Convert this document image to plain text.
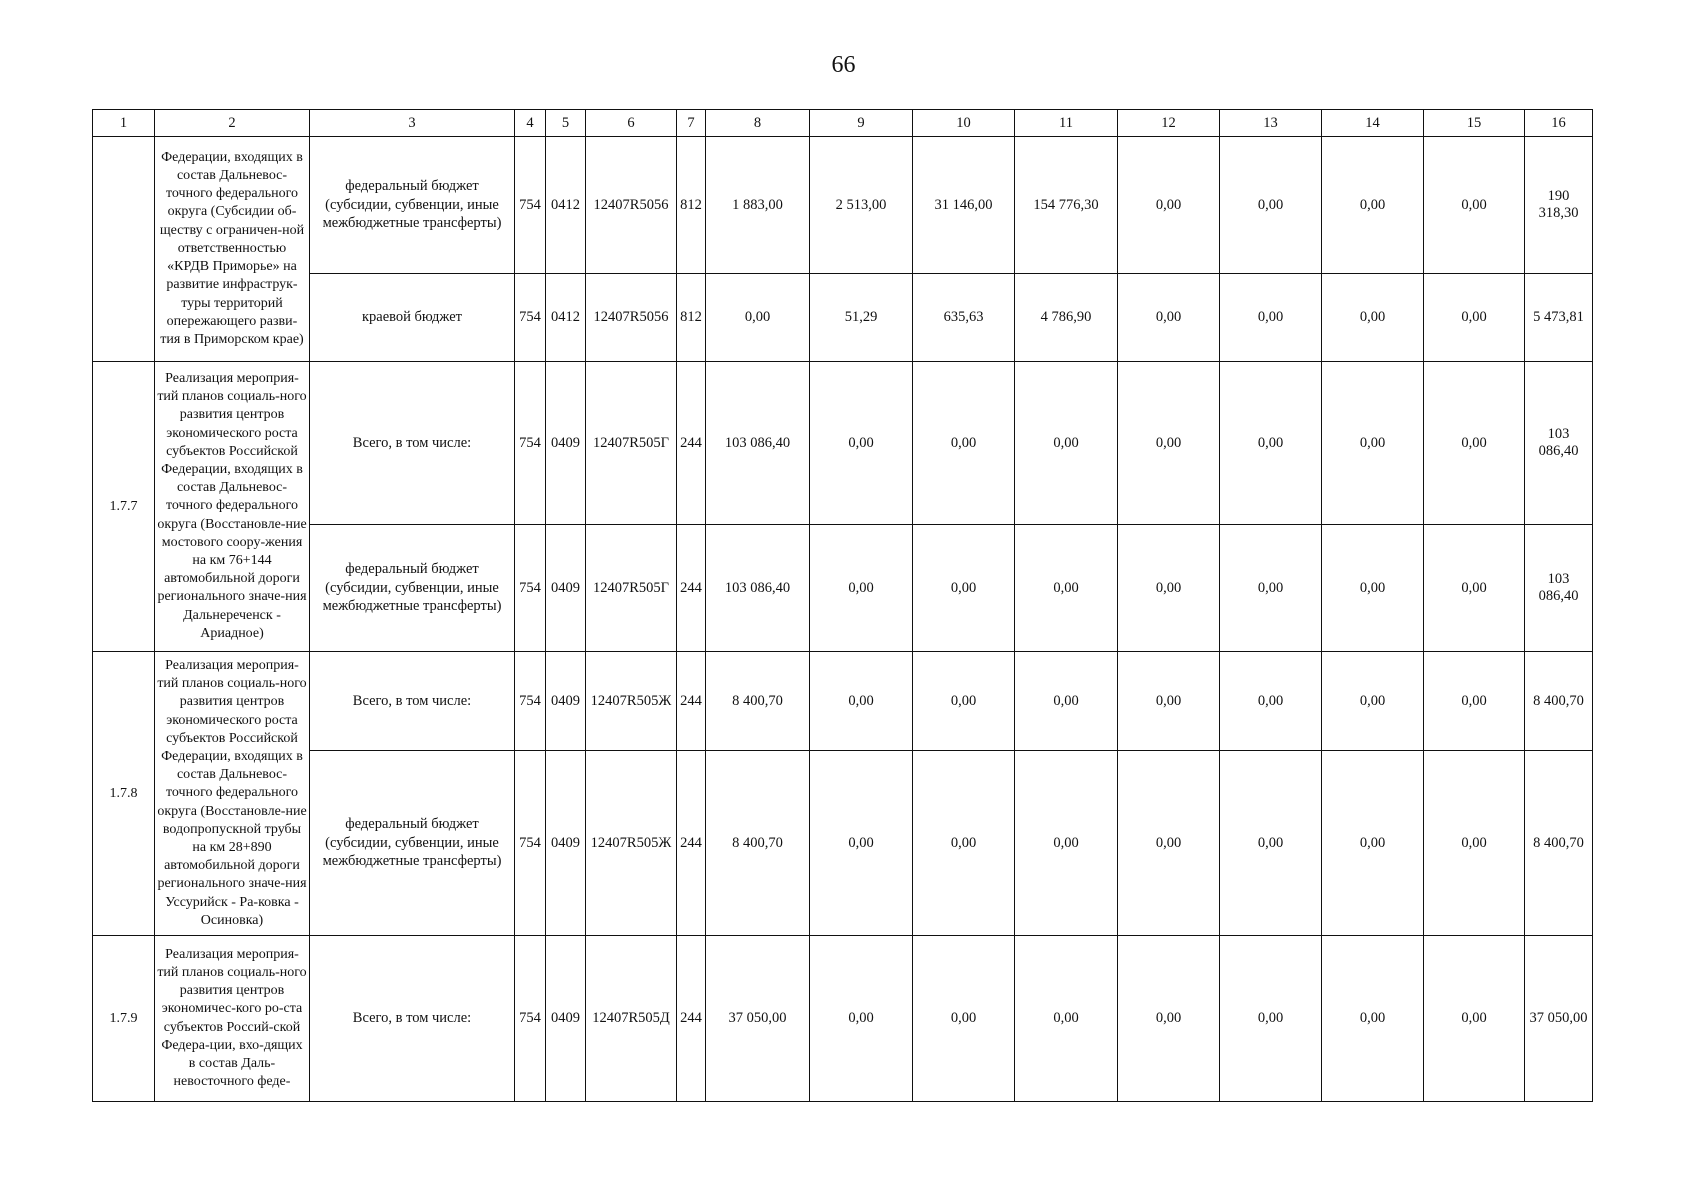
66
1	2	3	4	5	6	7	8	9	10	11	12	13	14	15	16
	Федерации, входящих в состав Дальневос-точного федерального округа (Субсидии об-ществу с ограничен-ной ответственностью «КРДВ Приморье» на развитие инфраструк-туры территорий опережающего разви-тия в Приморском крае)	федеральный бюджет (субсидии, субвенции, иные межбюджетные трансферты)	754	0412	12407R5056	812	1 883,00	2 513,00	31 146,00	154 776,30	0,00	0,00	0,00	0,00	190 318,30
		краевой бюджет	754	0412	12407R5056	812	0,00	51,29	635,63	4 786,90	0,00	0,00	0,00	0,00	5 473,81
1.7.7	Реализация мероприя-тий планов социаль-ного развития центров экономического роста субъектов Российской Федерации, входящих в состав Дальневос-точного федерального округа (Восстановле-ние мостового соору-жения на км 76+144 автомобильной дороги регионального значе-ния Дальнереченск - Ариадное)	Всего, в том числе:	754	0409	12407R505Г	244	103 086,40	0,00	0,00	0,00	0,00	0,00	0,00	0,00	103 086,40
		федеральный бюджет (субсидии, субвенции, иные межбюджетные трансферты)	754	0409	12407R505Г	244	103 086,40	0,00	0,00	0,00	0,00	0,00	0,00	0,00	103 086,40
1.7.8	Реализация мероприя-тий планов социаль-ного развития центров экономического роста субъектов Российской Федерации, входящих в состав Дальневос-точного федерального округа (Восстановле-ние водопропускной трубы на км 28+890 автомобильной дороги регионального значе-ния Уссурийск - Ра-ковка - Осиновка)	Всего, в том числе:	754	0409	12407R505Ж	244	8 400,70	0,00	0,00	0,00	0,00	0,00	0,00	0,00	8 400,70
		федеральный бюджет (субсидии, субвенции, иные межбюджетные трансферты)	754	0409	12407R505Ж	244	8 400,70	0,00	0,00	0,00	0,00	0,00	0,00	0,00	8 400,70
1.7.9	Реализация мероприя-тий планов социаль-ного развития центров экономичес-кого ро-ста субъектов Россий-ской Федера-ции, вхо-дящих в состав Даль-невосточного феде-	Всего, в том числе:	754	0409	12407R505Д	244	37 050,00	0,00	0,00	0,00	0,00	0,00	0,00	0,00	37 050,00
